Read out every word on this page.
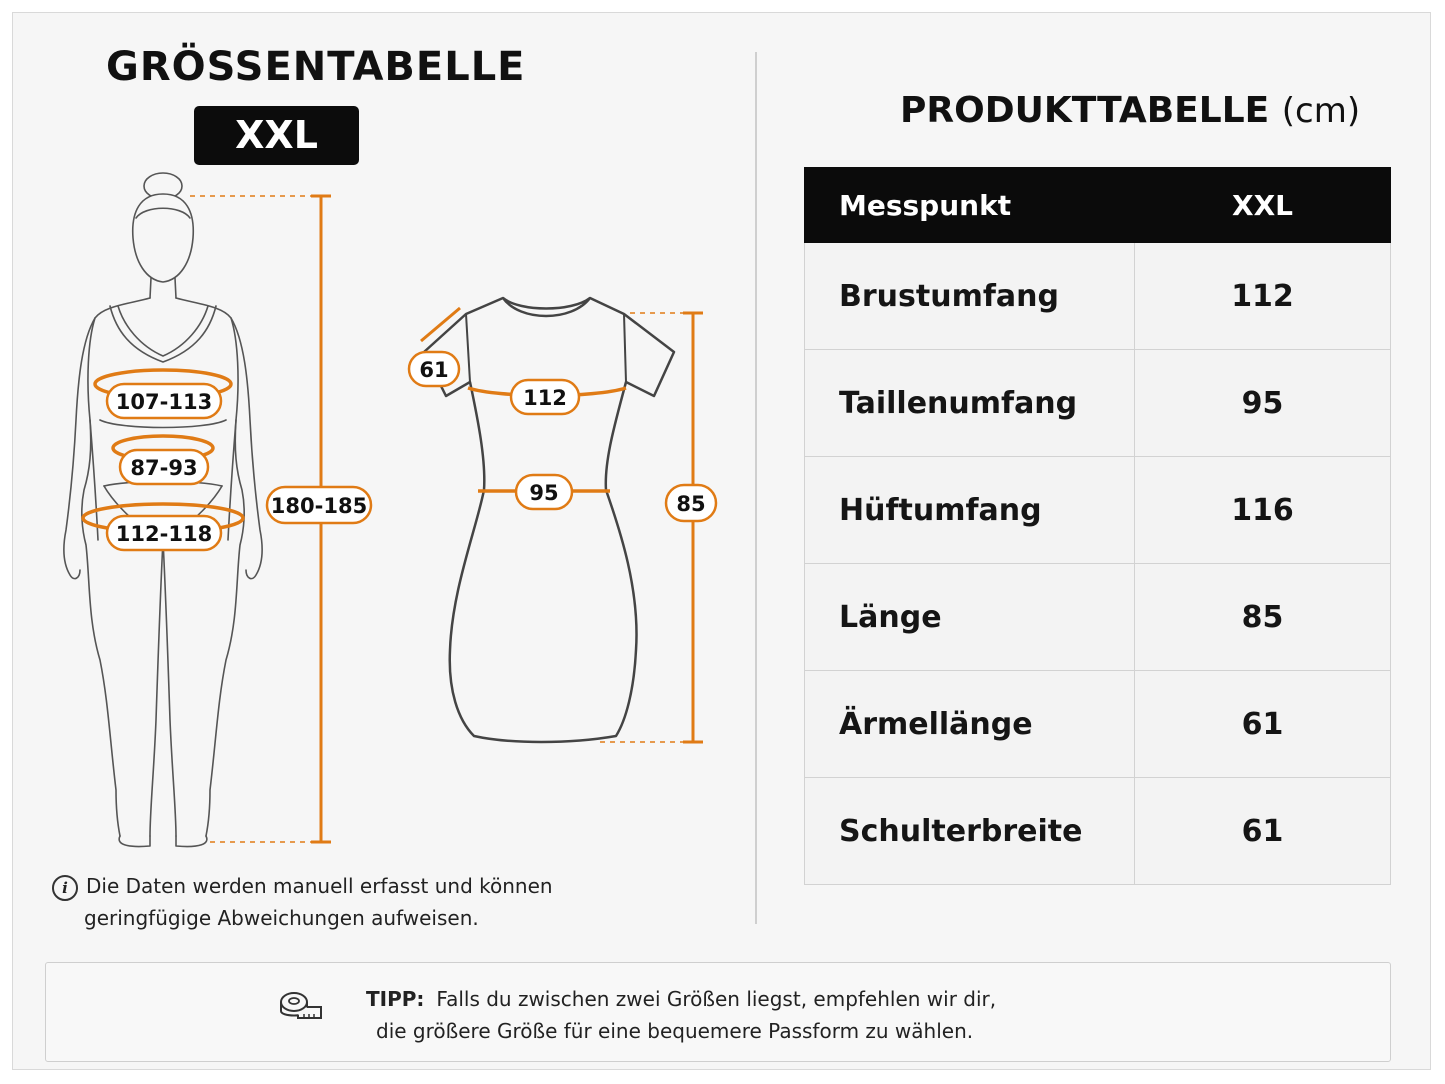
GRÖSSENTABELLE
XXL
107-113
87-93
112-118
180-185
61
112
95	85
i Die Daten werden manuell erfasst und können
geringfügige Abweichungen aufweisen.
PRODUKTTABELLE (cm)
Messpunkt	XXL
Brustumfang	112
Taillenumfang	95
Hüftumfang	116
Länge	85
Ärmellänge	61
Schulterbreite	61
TIPP: Falls du zwischen zwei Größen liegst, empfehlen wir dir,
die größere Größe für eine bequemere Passform zu wählen.
